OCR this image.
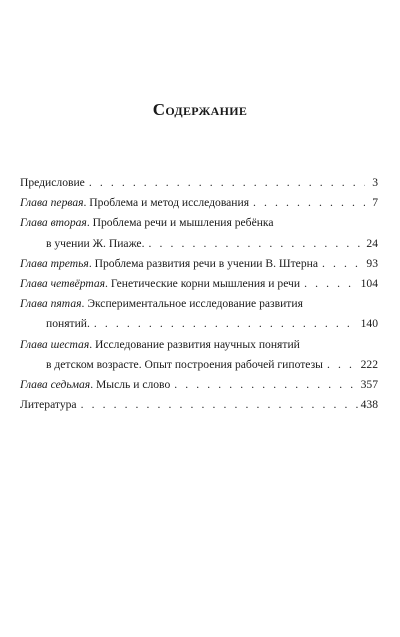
Содержание
Предисловие . . .	3
Глава первая. Проблема и метод исследования . . .	7
Глава вторая. Проблема речи и мышления ребёнка
в учении Ж. Пиаже. . . .	24
Глава третья. Проблема развития речи в учении В. Штерна . . .	93
Глава четвёртая. Генетические корни мышления и речи . . .	104
Глава пятая. Экспериментальное исследование развития
понятий. . . .	140
Глава шестая. Исследование развития научных понятий
в детском возрасте. Опыт построения рабочей гипотезы . . .	222
Глава седьмая. Мысль и слово . . .	357
Литература . . .	438
